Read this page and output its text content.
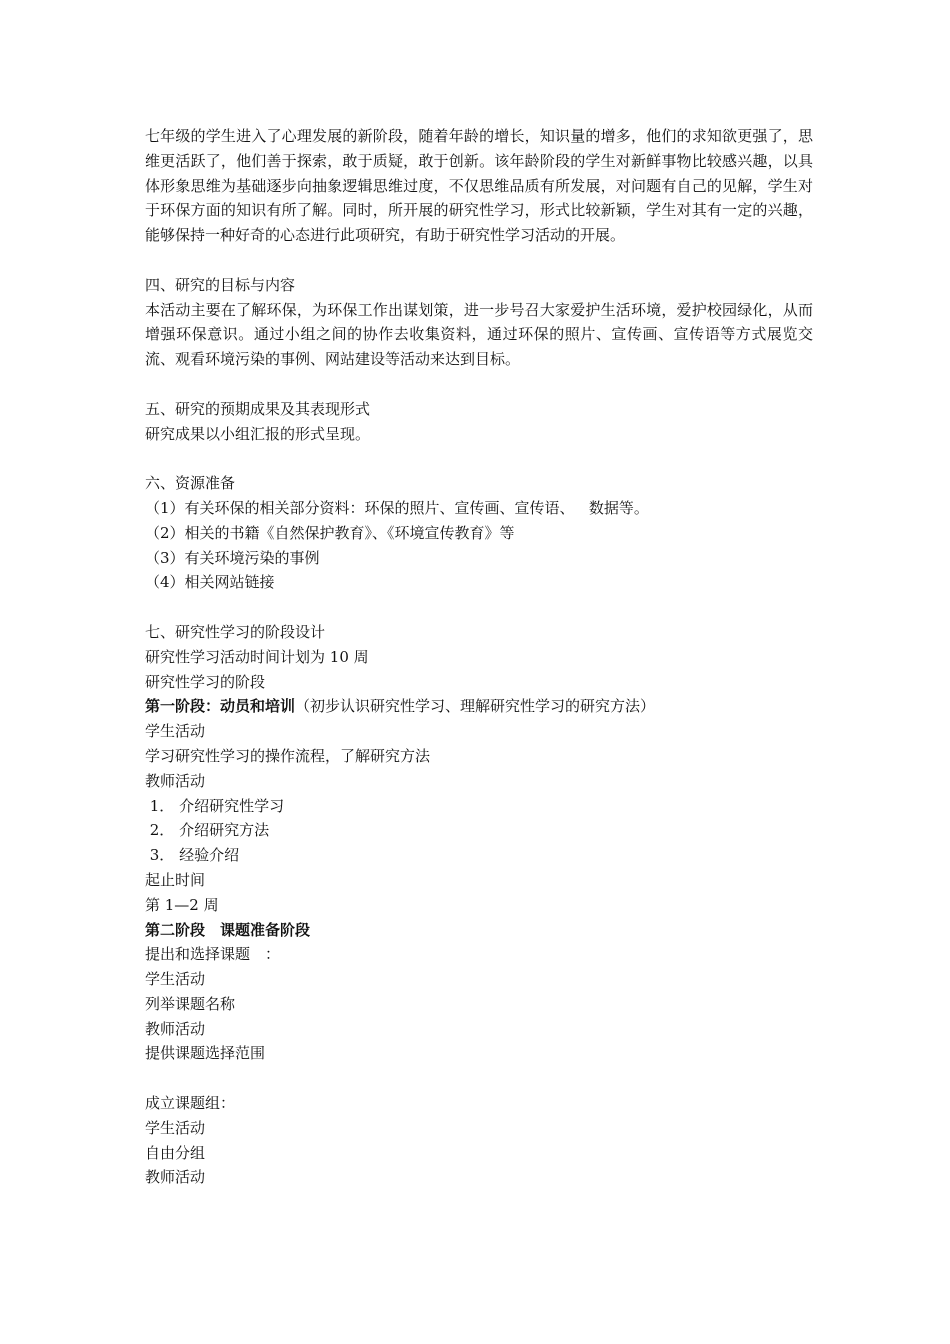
七年级的学生进入了心理发展的新阶段，随着年龄的增长，知识量的增多，他们的求知欲更强了，思维更活跃了，他们善于探索，敢于质疑，敢于创新。该年龄阶段的学生对新鲜事物比较感兴趣，以具体形象思维为基础逐步向抽象逻辑思维过度，不仅思维品质有所发展，对问题有自己的见解，学生对于环保方面的知识有所了解。同时，所开展的研究性学习，形式比较新颖，学生对其有一定的兴趣，能够保持一种好奇的心态进行此项研究，有助于研究性学习活动的开展。

四、研究的目标与内容

本活动主要在了解环保，为环保工作出谋划策，进一步号召大家爱护生活环境，爱护校园绿化，从而增强环保意识。通过小组之间的协作去收集资料，通过环保的照片、宣传画、宣传语等方式展览交流、观看环境污染的事例、网站建设等活动来达到目标。

五、研究的预期成果及其表现形式

研究成果以小组汇报的形式呈现。

六、资源准备

（1）有关环保的相关部分资料：环保的照片、宣传画、宣传语、   数据等。

（2）相关的书籍《自然保护教育》、《环境宣传教育》等

（3）有关环境污染的事例

（4）相关网站链接

七、研究性学习的阶段设计

研究性学习活动时间计划为 10 周

研究性学习的阶段

第一阶段：动员和培训（初步认识研究性学习、理解研究性学习的研究方法）

学生活动

学习研究性学习的操作流程，了解研究方法

教师活动

1． 介绍研究性学习

2． 介绍研究方法

3． 经验介绍

起止时间

第 1—2 周

第二阶段　课题准备阶段

提出和选择课题　：

学生活动

列举课题名称

教师活动

提供课题选择范围

成立课题组：

学生活动

自由分组

教师活动
